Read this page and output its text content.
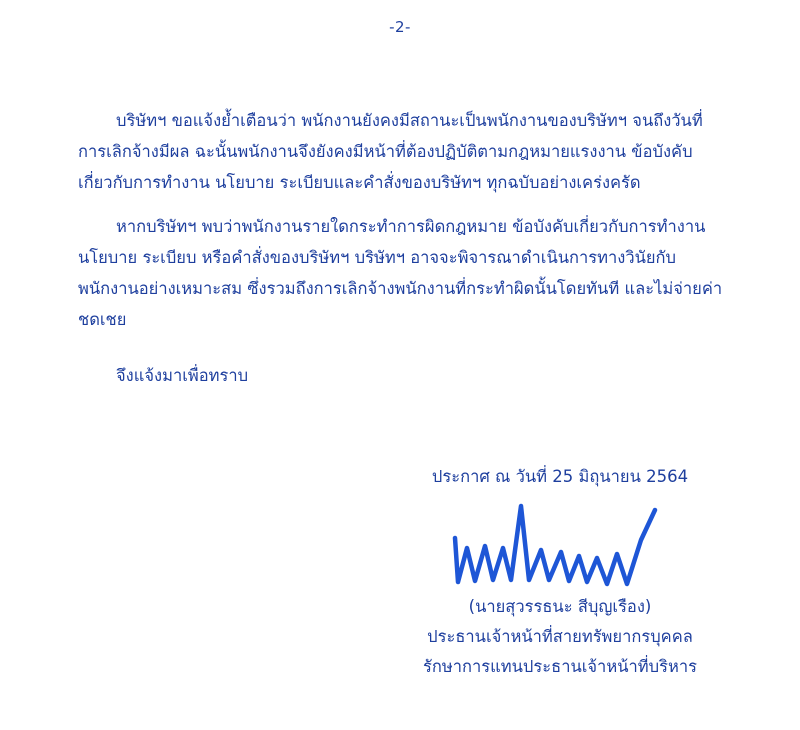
-2-

บริษัทฯ ขอแจ้งย้ำเตือนว่า พนักงานยังคงมีสถานะเป็นพนักงานของบริษัทฯ จนถึงวันที่การเลิกจ้างมีผล ฉะนั้นพนักงานจึงยังคงมีหน้าที่ต้องปฏิบัติตามกฎหมายแรงงาน ข้อบังคับเกี่ยวกับการทำงาน นโยบาย ระเบียบและคำสั่งของบริษัทฯ ทุกฉบับอย่างเคร่งครัด

หากบริษัทฯ พบว่าพนักงานรายใดกระทำการผิดกฎหมาย ข้อบังคับเกี่ยวกับการทำงาน นโยบาย ระเบียบ หรือคำสั่งของบริษัทฯ บริษัทฯ อาจจะพิจารณาดำเนินการทางวินัยกับพนักงานอย่างเหมาะสม ซึ่งรวมถึงการเลิกจ้างพนักงานที่กระทำผิดนั้นโดยทันที และไม่จ่ายค่าชดเชย

จึงแจ้งมาเพื่อทราบ
ประกาศ ณ วันที่ 25 มิถุนายน 2564
(นายสุวรรธนะ สีบุญเรือง)
ประธานเจ้าหน้าที่สายทรัพยากรบุคคล
รักษาการแทนประธานเจ้าหน้าที่บริหาร
